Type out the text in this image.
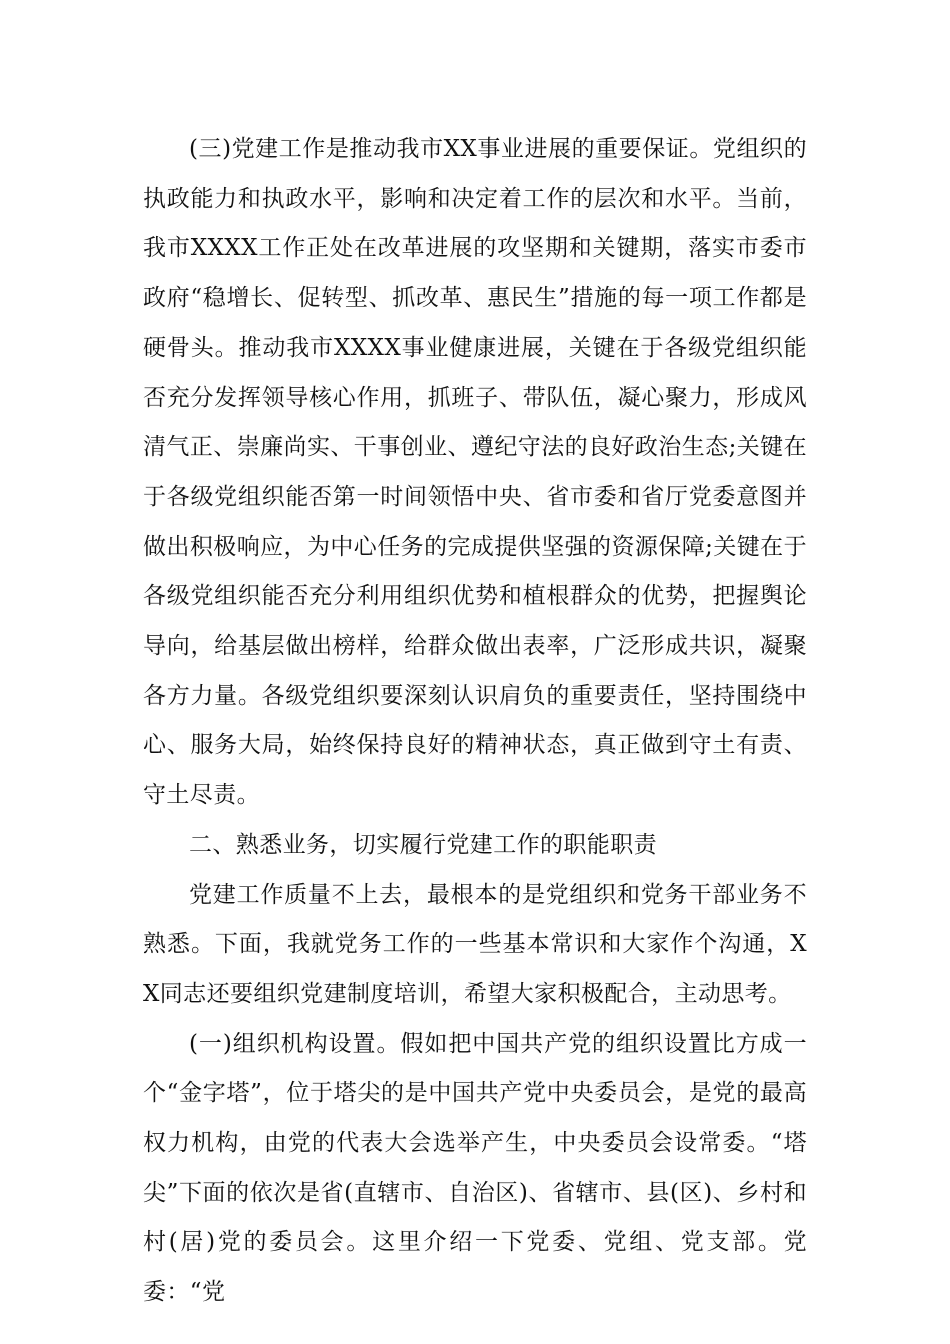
(三)党建工作是推动我市XX事业进展的重要保证。党组织的执政能力和执政水平，影响和决定着工作的层次和水平。当前，我市XXXX工作正处在改革进展的攻坚期和关键期，落实市委市政府“稳增长、促转型、抓改革、惠民生”措施的每一项工作都是硬骨头。推动我市XXXX事业健康进展，关键在于各级党组织能否充分发挥领导核心作用，抓班子、带队伍，凝心聚力，形成风清气正、崇廉尚实、干事创业、遵纪守法的良好政治生态;关键在于各级党组织能否第一时间领悟中央、省市委和省厅党委意图并做出积极响应，为中心任务的完成提供坚强的资源保障;关键在于各级党组织能否充分利用组织优势和植根群众的优势，把握舆论导向，给基层做出榜样，给群众做出表率，广泛形成共识，凝聚各方力量。各级党组织要深刻认识肩负的重要责任，坚持围绕中心、服务大局，始终保持良好的精神状态，真正做到守土有责、守土尽责。

二、熟悉业务，切实履行党建工作的职能职责

党建工作质量不上去，最根本的是党组织和党务干部业务不熟悉。下面，我就党务工作的一些基本常识和大家作个沟通，XX同志还要组织党建制度培训，希望大家积极配合，主动思考。

(一)组织机构设置。假如把中国共产党的组织设置比方成一个“金字塔”，位于塔尖的是中国共产党中央委员会，是党的最高权力机构，由党的代表大会选举产生，中央委员会设常委。“塔尖”下面的依次是省(直辖市、自治区)、省辖市、县(区)、乡村和村(居)党的委员会。这里介绍一下党委、党组、党支部。党委：“党
